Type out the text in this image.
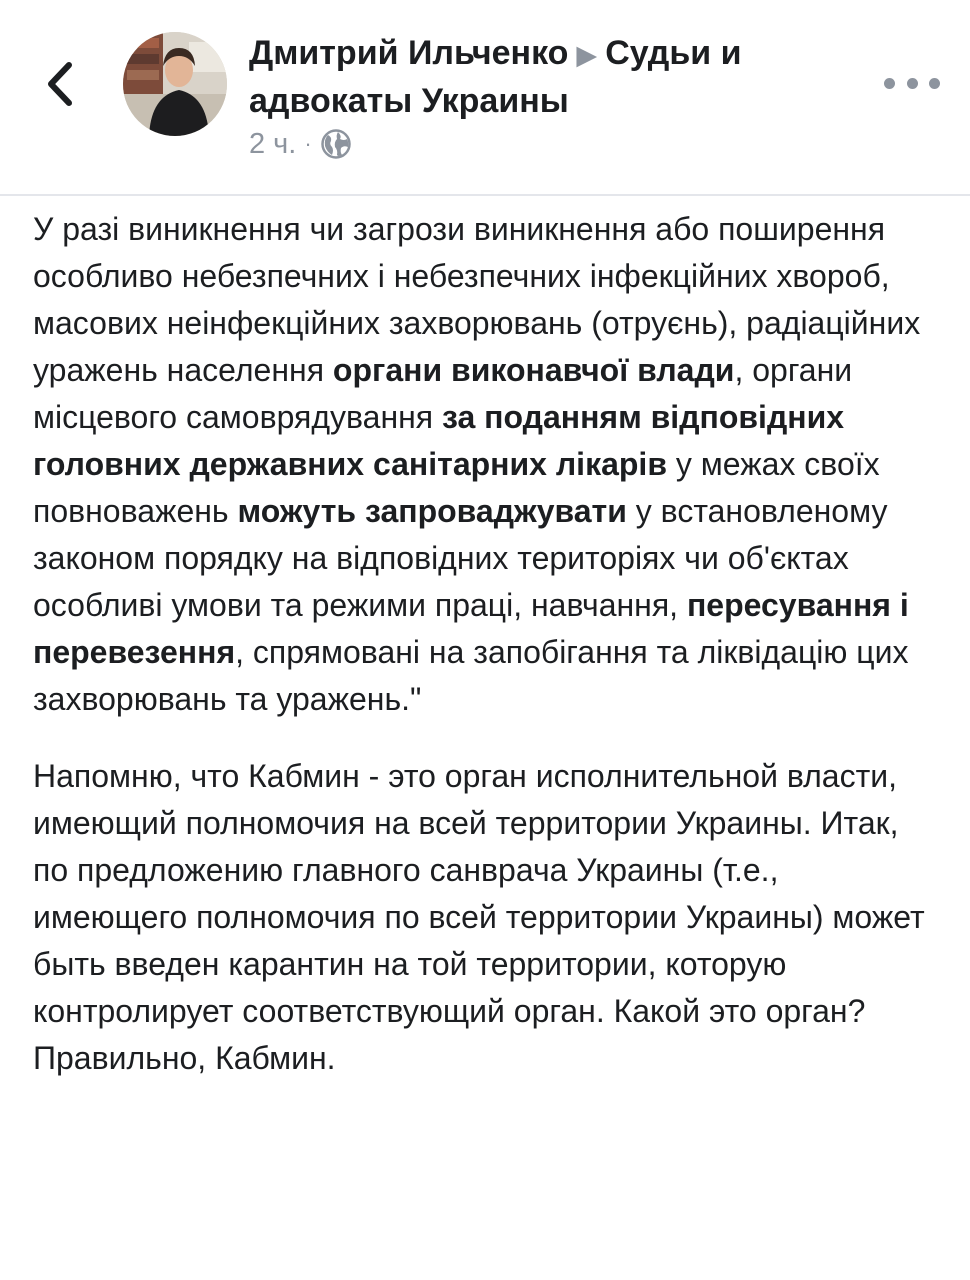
Дмитрий Ильченко ▶ Судьи и адвокаты Украины
2 ч. ·

У разі виникнення чи загрози виникнення або поширення особливо небезпечних і небезпечних інфекційних хвороб, масових неінфекційних захворювань (отруєнь), радіаційних уражень населення органи виконавчої влади, органи місцевого самоврядування за поданням відповідних головних державних санітарних лікарів у межах своїх повноважень можуть запроваджувати у встановленому законом порядку на відповідних територіях чи об'єктах особливі умови та режими праці, навчання, пересування і перевезення, спрямовані на запобігання та ліквідацію цих захворювань та уражень."

Напомню, что Кабмин - это орган исполнительной власти, имеющий полномочия на всей территории Украины. Итак, по предложению главного санврача Украины (т.е., имеющего полномочия по всей территории Украины) может быть введен карантин на той территории, которую контролирует соответствующий орган. Какой это орган? Правильно, Кабмин.
